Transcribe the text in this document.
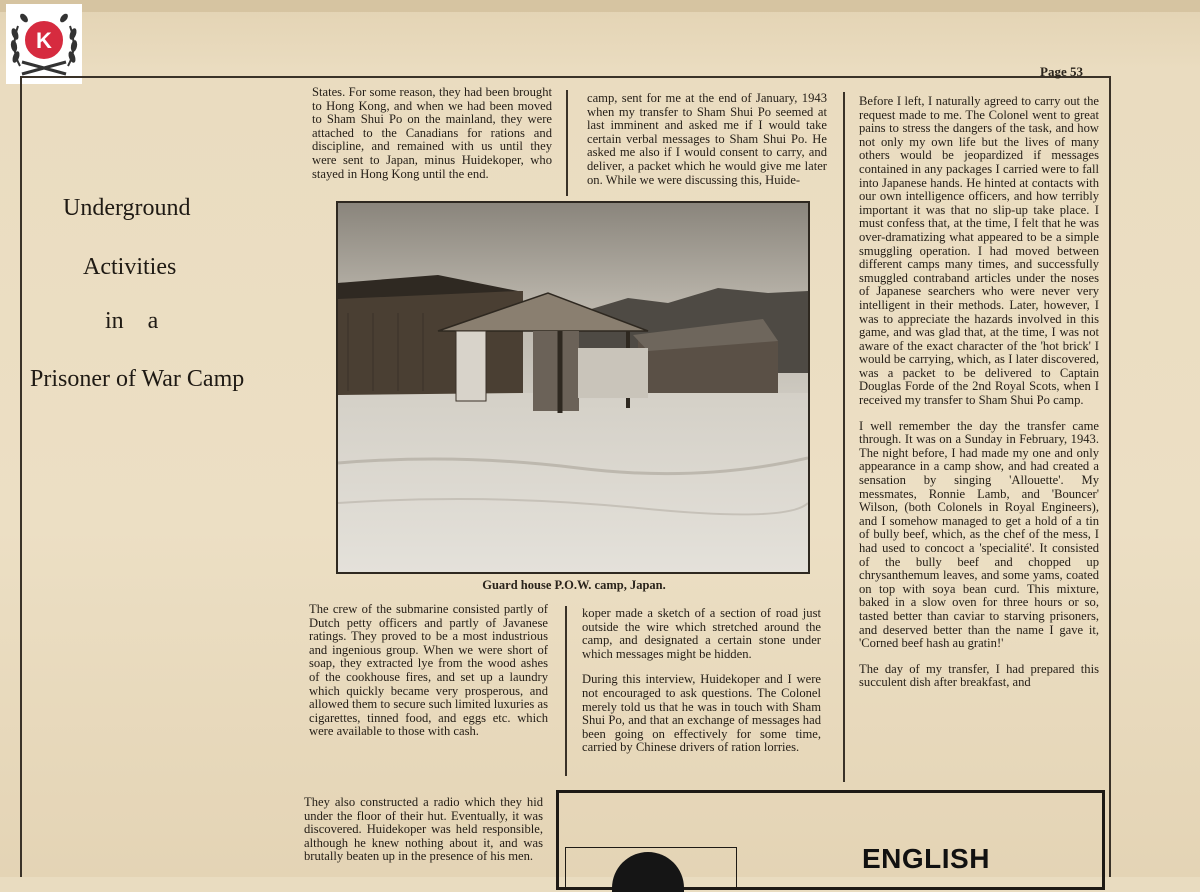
K
Page 53
Underground
Activities
in a
Prisoner of War Camp

States. For some reason, they had been brought to Hong Kong, and when we had been moved to Sham Shui Po on the mainland, they were attached to the Canadians for rations and discipline, and remained with us until they were sent to Japan, minus Huidekoper, who stayed in Hong Kong until the end.

camp, sent for me at the end of January, 1943 when my transfer to Sham Shui Po seemed at last imminent and asked me if I would take certain verbal messages to Sham Shui Po. He asked me also if I would consent to carry, and deliver, a packet which he would give me later on. While we were discussing this, Huide-

Guard house P.O.W. camp, Japan.

The crew of the submarine consisted partly of Dutch petty officers and partly of Javanese ratings. They proved to be a most industrious and ingenious group. When we were short of soap, they extracted lye from the wood ashes of the cookhouse fires, and set up a laundry which quickly became very prosperous, and allowed them to secure such limited luxuries as cigarettes, tinned food, and eggs etc. which were available to those with cash.

They also constructed a radio which they hid under the floor of their hut. Eventually, it was discovered. Huidekoper was held responsible, although he knew nothing about it, and was brutally beaten up in the presence of his men.

koper made a sketch of a section of road just outside the wire which stretched around the camp, and designated a certain stone under which messages might be hidden.

During this interview, Huidekoper and I were not encouraged to ask questions. The Colonel merely told us that he was in touch with Sham Shui Po, and that an exchange of messages had been going on effectively for some time, carried by Chinese drivers of ration lorries.

Before I left, I naturally agreed to carry out the request made to me. The Colonel went to great pains to stress the dangers of the task, and how not only my own life but the lives of many others would be jeopardized if messages contained in any packages I carried were to fall into Japanese hands. He hinted at contacts with our own intelligence officers, and how terribly important it was that no slip-up take place. I must confess that, at the time, I felt that he was over-dramatizing what appeared to be a simple smuggling operation. I had moved between different camps many times, and successfully smuggled contraband articles under the noses of Japanese searchers who were never very intelligent in their methods. Later, however, I was to appreciate the hazards involved in this game, and was glad that, at the time, I was not aware of the exact character of the 'hot brick' I would be carrying, which, as I later discovered, was a packet to be delivered to Captain Douglas Forde of the 2nd Royal Scots, when I received my transfer to Sham Shui Po camp.

I well remember the day the transfer came through. It was on a Sunday in February, 1943. The night before, I had made my one and only appearance in a camp show, and had created a sensation by singing 'Allouette'. My messmates, Ronnie Lamb, and 'Bouncer' Wilson, (both Colonels in Royal Engineers), and I somehow managed to get a hold of a tin of bully beef, which, as the chef of the mess, I had used to concoct a 'specialité'. It consisted of the bully beef and chopped up chrysanthemum leaves, and some yams, coated on top with soya bean curd. This mixture, baked in a slow oven for three hours or so, tasted better than caviar to starving prisoners, and deserved better than the name I gave it, 'Corned beef hash au gratin!'

The day of my transfer, I had prepared this succulent dish after breakfast, and

ENGLISH
